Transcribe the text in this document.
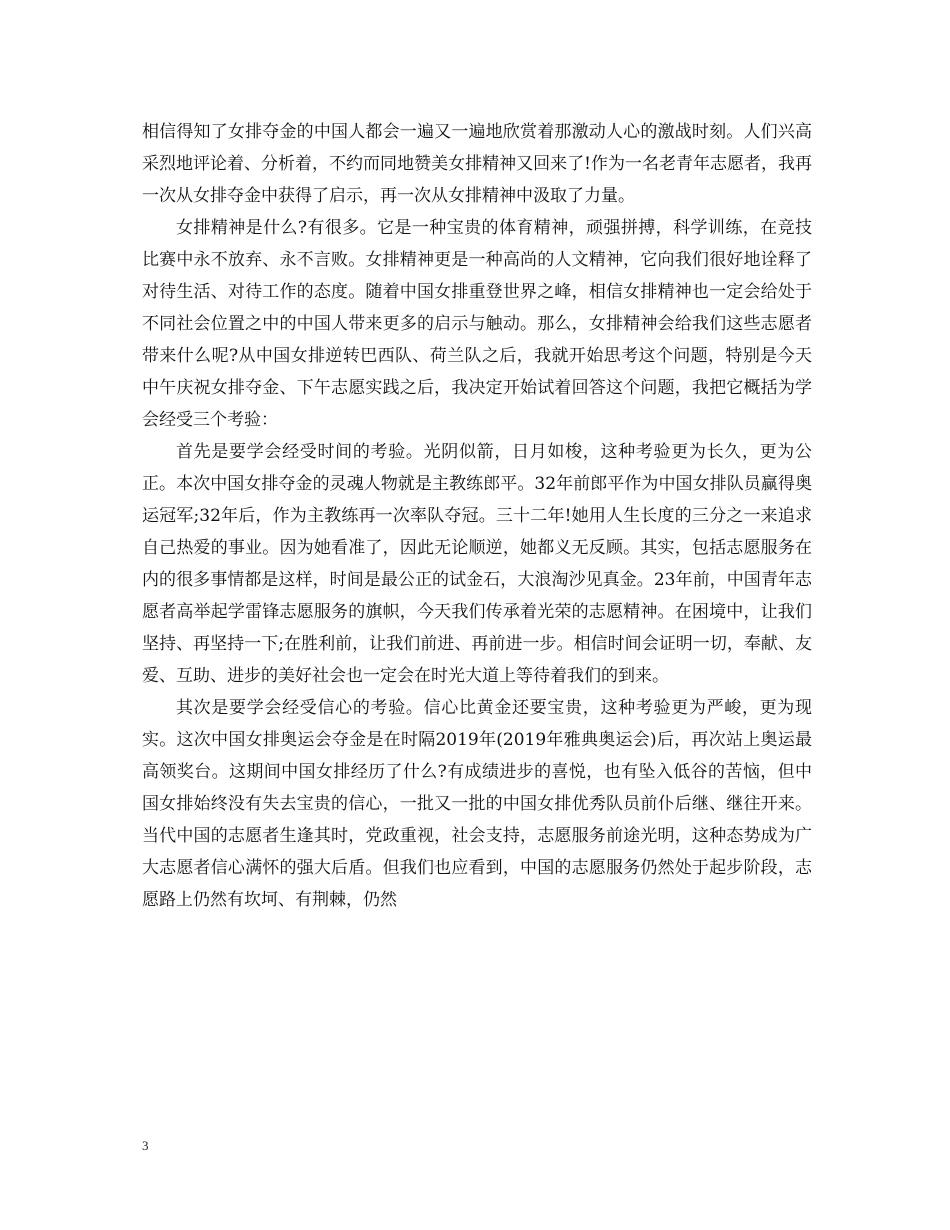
相信得知了女排夺金的中国人都会一遍又一遍地欣赏着那激动人心的激战时刻。人们兴高采烈地评论着、分析着，不约而同地赞美女排精神又回来了!作为一名老青年志愿者，我再一次从女排夺金中获得了启示，再一次从女排精神中汲取了力量。

女排精神是什么?有很多。它是一种宝贵的体育精神，顽强拼搏，科学训练，在竞技比赛中永不放弃、永不言败。女排精神更是一种高尚的人文精神，它向我们很好地诠释了对待生活、对待工作的态度。随着中国女排重登世界之峰，相信女排精神也一定会给处于不同社会位置之中的中国人带来更多的启示与触动。那么，女排精神会给我们这些志愿者带来什么呢?从中国女排逆转巴西队、荷兰队之后，我就开始思考这个问题，特别是今天中午庆祝女排夺金、下午志愿实践之后，我决定开始试着回答这个问题，我把它概括为学会经受三个考验：

首先是要学会经受时间的考验。光阴似箭，日月如梭，这种考验更为长久，更为公正。本次中国女排夺金的灵魂人物就是主教练郎平。32年前郎平作为中国女排队员赢得奥运冠军;32年后，作为主教练再一次率队夺冠。三十二年!她用人生长度的三分之一来追求自己热爱的事业。因为她看准了，因此无论顺逆，她都义无反顾。其实，包括志愿服务在内的很多事情都是这样，时间是最公正的试金石，大浪淘沙见真金。23年前，中国青年志愿者高举起学雷锋志愿服务的旗帜，今天我们传承着光荣的志愿精神。在困境中，让我们坚持、再坚持一下;在胜利前，让我们前进、再前进一步。相信时间会证明一切，奉献、友爱、互助、进步的美好社会也一定会在时光大道上等待着我们的到来。

其次是要学会经受信心的考验。信心比黄金还要宝贵，这种考验更为严峻，更为现实。这次中国女排奥运会夺金是在时隔2019年(2019年雅典奥运会)后，再次站上奥运最高领奖台。这期间中国女排经历了什么?有成绩进步的喜悦，也有坠入低谷的苦恼，但中国女排始终没有失去宝贵的信心，一批又一批的中国女排优秀队员前仆后继、继往开来。当代中国的志愿者生逢其时，党政重视，社会支持，志愿服务前途光明，这种态势成为广大志愿者信心满怀的强大后盾。但我们也应看到，中国的志愿服务仍然处于起步阶段，志愿路上仍然有坎坷、有荆棘，仍然

3
